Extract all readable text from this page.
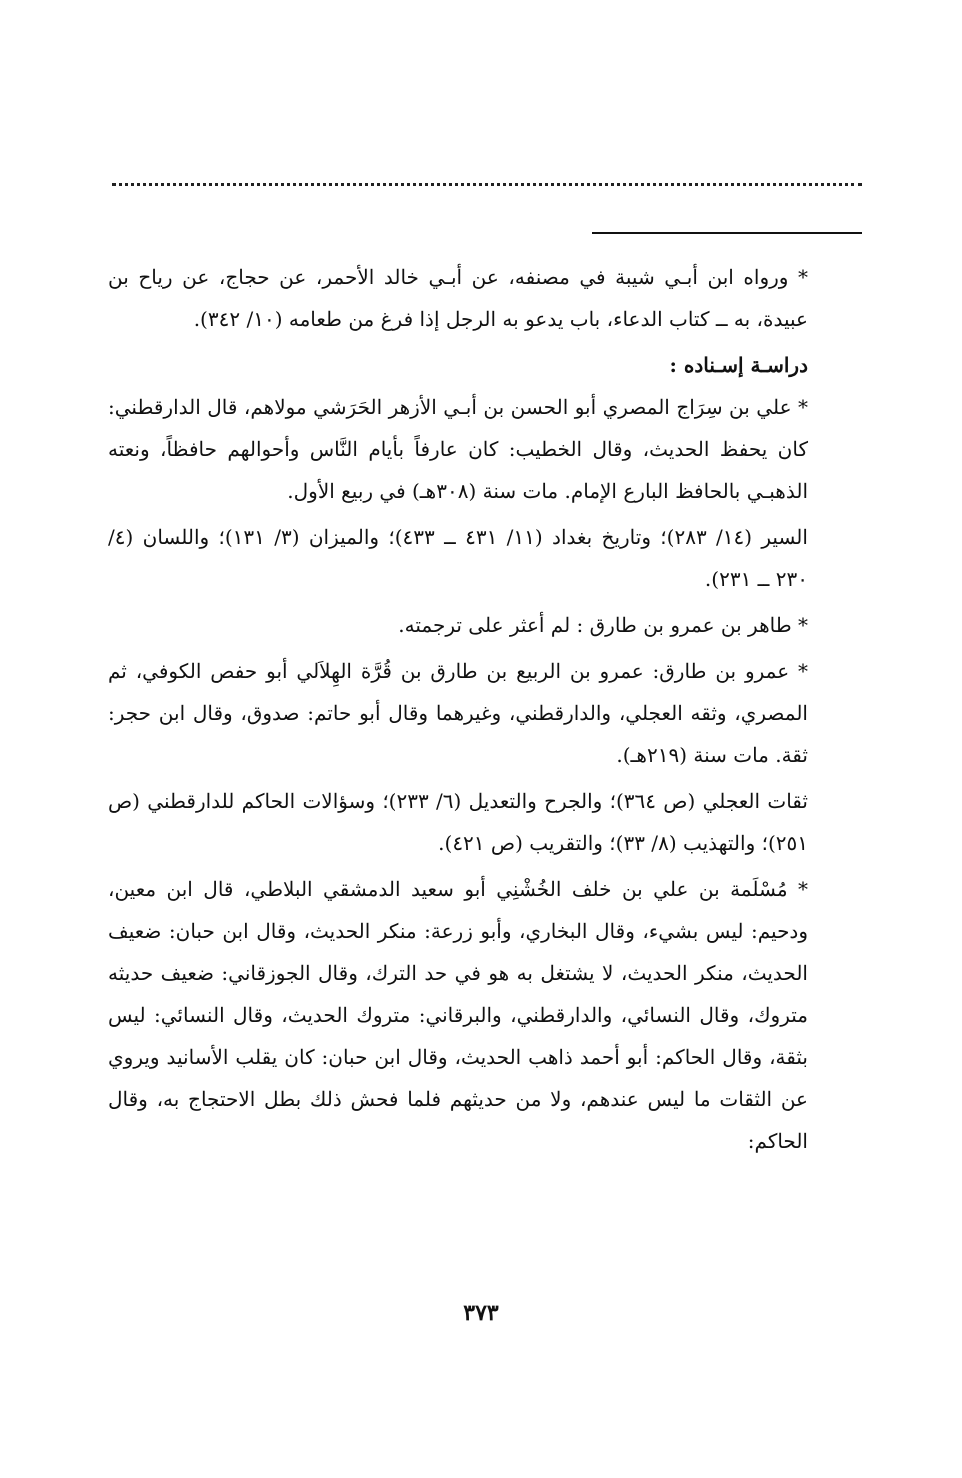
* ورواه ابن أبـي شيبة في مصنفه، عن أبـي خالد الأحمر، عن حجاج، عن رياح بن عبيدة، به ــ كتاب الدعاء، باب يدعو به الرجل إذا فرغ من طعامه (١٠/ ٣٤٢).

دراسـة إسـناده :

* علي بن سِرَاج المصري أبو الحسن بن أبـي الأزهر الحَرَشي مولاهم، قال الدارقطني: كان يحفظ الحديث، وقال الخطيب: كان عارفاً بأيام النَّاس وأحوالهم حافظاً، ونعته الذهبـي بالحافظ البارع الإمام. مات سنة (٣٠٨هـ) في ربيع الأول.

السير (١٤/ ٢٨٣)؛ وتاريخ بغداد (١١/ ٤٣١ ــ ٤٣٣)؛ والميزان (٣/ ١٣١)؛ واللسان (٤/ ٢٣٠ ــ ٢٣١).

* طاهر بن عمرو بن طارق : لم أعثر على ترجمته.

* عمرو بن طارق: عمرو بن الربيع بن طارق بن قُرَّة الهِلاَلي أبو حفص الكوفي، ثم المصري، وثقه العجلي، والدارقطني، وغيرهما وقال أبو حاتم: صدوق، وقال ابن حجر: ثقة. مات سنة (٢١٩هـ).

ثقات العجلي (ص ٣٦٤)؛ والجرح والتعديل (٦/ ٢٣٣)؛ وسؤالات الحاكم للدارقطني (ص ٢٥١)؛ والتهذيب (٨/ ٣٣)؛ والتقريب (ص ٤٢١).

* مُسْلَمة بن علي بن خلف الخُشْنِي أبو سعيد الدمشقي البلاطي، قال ابن معين، ودحيم: ليس بشيء، وقال البخاري، وأبو زرعة: منكر الحديث، وقال ابن حبان: ضعيف الحديث، منكر الحديث، لا يشتغل به هو في حد الترك، وقال الجوزقاني: ضعيف حديثه متروك، وقال النسائي، والدارقطني، والبرقاني: متروك الحديث، وقال النسائي: ليس بثقة، وقال الحاكم: أبو أحمد ذاهب الحديث، وقال ابن حبان: كان يقلب الأسانيد ويروي عن الثقات ما ليس عندهم، ولا من حديثهم فلما فحش ذلك بطل الاحتجاج به، وقال الحاكم:

٣٧٣
